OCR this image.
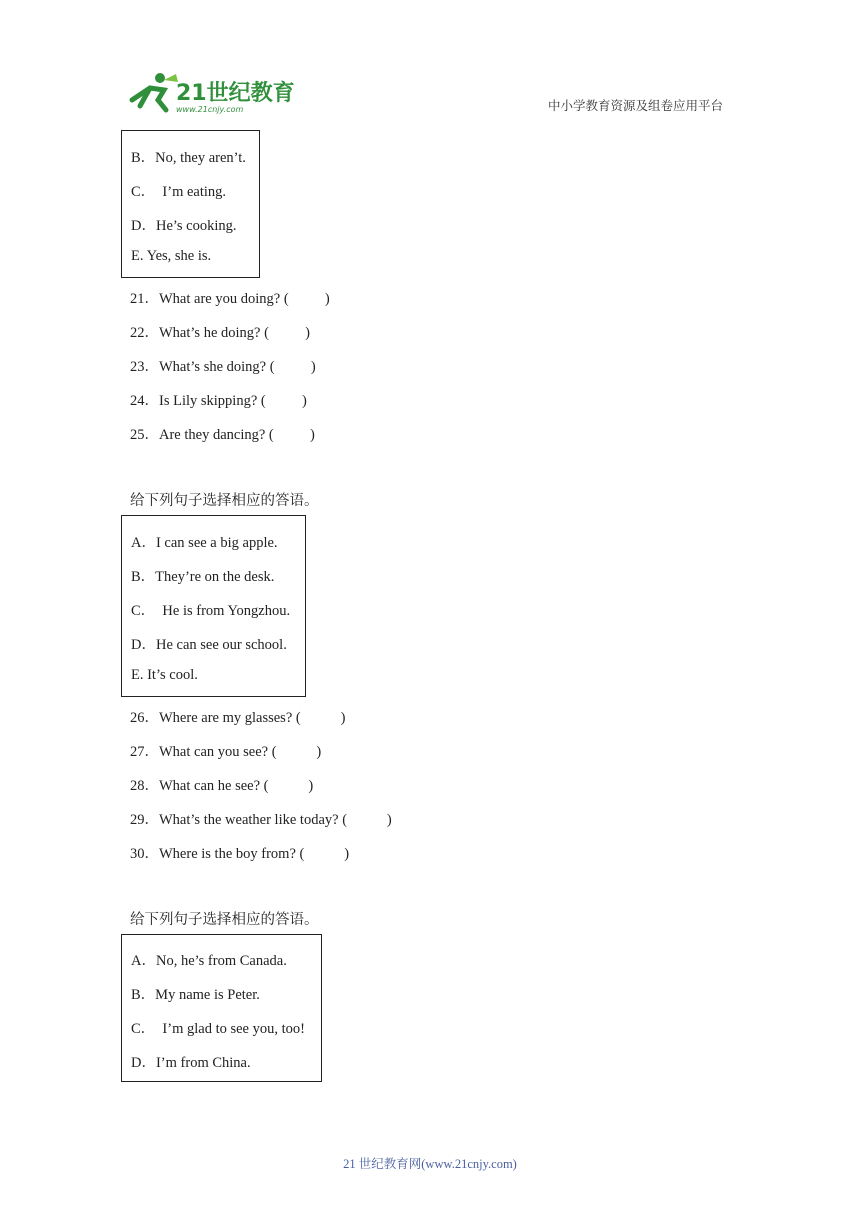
21世纪教育
www.21cnjy.com	中小学教育资源及组卷应用平台
B．No, they aren’t.
C．  I’m eating.
D．He’s cooking.
E. Yes, she is.
21．What are you doing? (          )
22．What’s he doing? (          )
23．What’s she doing? (          )
24．Is Lily skipping? (          )
25．Are they dancing? (          )
给下列句子选择相应的答语。
A．I can see a big apple.
B．They’re on the desk.
C．  He is from Yongzhou.
D．He can see our school.
E. It’s cool.
26．Where are my glasses? (           )
27．What can you see? (           )
28．What can he see? (           )
29．What’s the weather like today? (           )
30．Where is the boy from? (           )
给下列句子选择相应的答语。
A．No, he’s from Canada.
B．My name is Peter.
C．  I’m glad to see you, too!
D．I’m from China.
21 世纪教育网(www.21cnjy.com)
